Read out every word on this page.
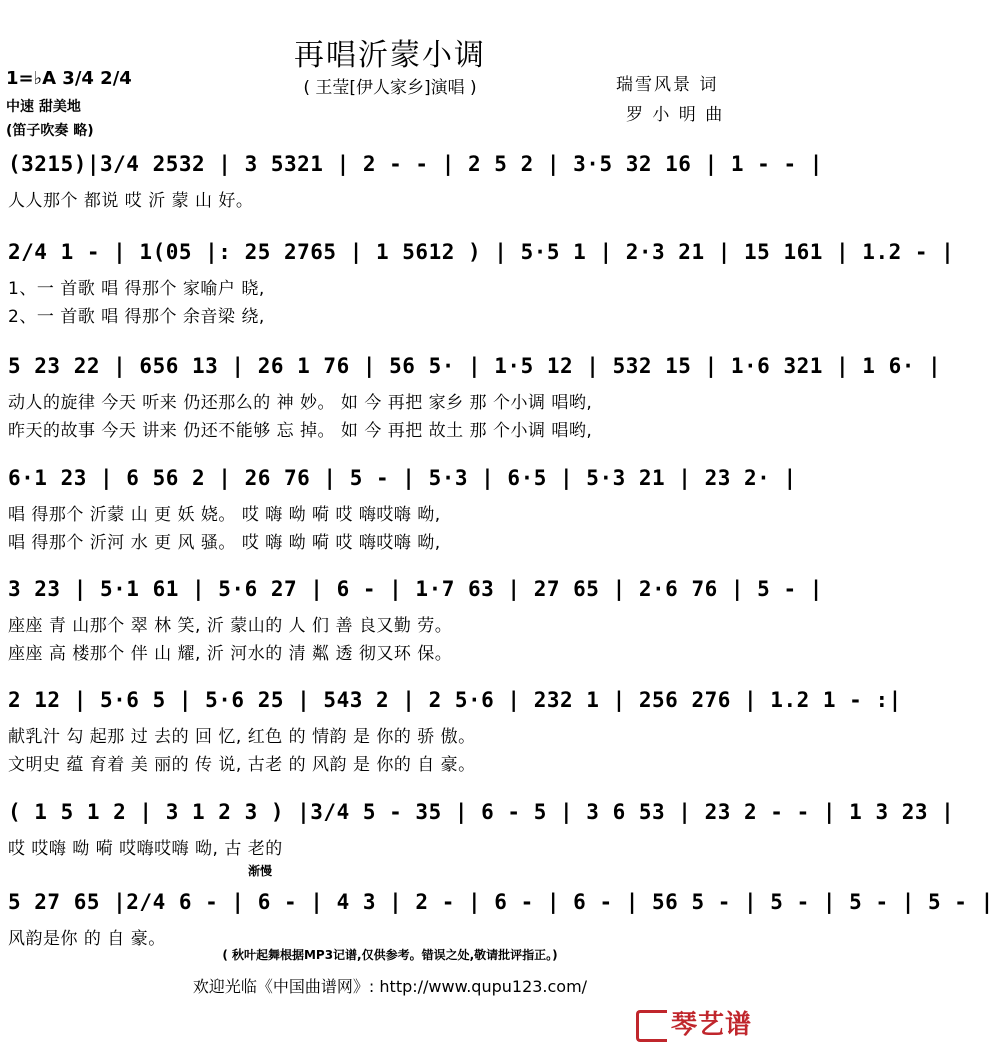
再唱沂蒙小调
( 王莹[伊人家乡]演唱 )
1=♭A 3/4 2/4
中速 甜美地
(笛子吹奏 略)
瑞雪风景 词
罗 小 明 曲
(3215)|3/4 2532 | 3 5321 | 2 - - | 2 5 2 | 3·5 32 16 | 1 - - |
人人那个 都说 哎 沂 蒙 山 好。
2/4 1 - | 1(05 |: 25 2765 | 1 5612 ) | 5·5 1 | 2·3 21 | 15 161 | 1.2 - |
1、一 首歌 唱 得那个 家喻户 晓,
2、一 首歌 唱 得那个 余音梁 绕,
5 23 22 | 656 13 | 26 1 76 | 56 5· | 1·5 12 | 532 15 | 1·6 321 | 1 6· |
动人的旋律 今天 听来 仍还那么的 神 妙。 如 今 再把 家乡 那 个小调 唱哟,
昨天的故事 今天 讲来 仍还不能够 忘 掉。 如 今 再把 故土 那 个小调 唱哟,
6·1 23 | 6 56 2 | 26 76 | 5 - | 5·3 | 6·5 | 5·3 21 | 23 2· |
唱 得那个 沂蒙 山 更 妖 娆。 哎 嗨 呦 嗬 哎 嗨哎嗨 呦,
唱 得那个 沂河 水 更 风 骚。 哎 嗨 呦 嗬 哎 嗨哎嗨 呦,
3 23 | 5·1 61 | 5·6 27 | 6 - | 1·7 63 | 27 65 | 2·6 76 | 5 - |
座座 青 山那个 翠 林 笑, 沂 蒙山的 人 们 善 良又勤 劳。
座座 高 楼那个 伴 山 耀, 沂 河水的 清 粼 透 彻又环 保。
2 12 | 5·6 5 | 5·6 25 | 543 2 | 2 5·6 | 232 1 | 256 276 | 1.2 1 - :|
献乳汁 勾 起那 过 去的 回 忆, 红色 的 情韵 是 你的 骄 傲。
文明史 蕴 育着 美 丽的 传 说, 古老 的 风韵 是 你的 自 豪。
( 1 5 1 2 | 3 1 2 3 ) |3/4 5 - 35 | 6 - 5 | 3 6 53 | 23 2 - - | 1 3 23 |
哎 哎嗨 呦 嗬 哎嗨哎嗨 呦, 古 老的
5 27 65 |2/4 6 - | 6 - | 4 3 | 2 - | 6 - | 6 - | 56 5 - | 5 - | 5 - | 5 - |
风韵是你 的 自 豪。
渐慢
( 秋叶起舞根据MP3记谱,仅供参考。错误之处,敬请批评指正。)
欢迎光临《中国曲谱网》: http://www.qupu123.com/
琴艺谱
